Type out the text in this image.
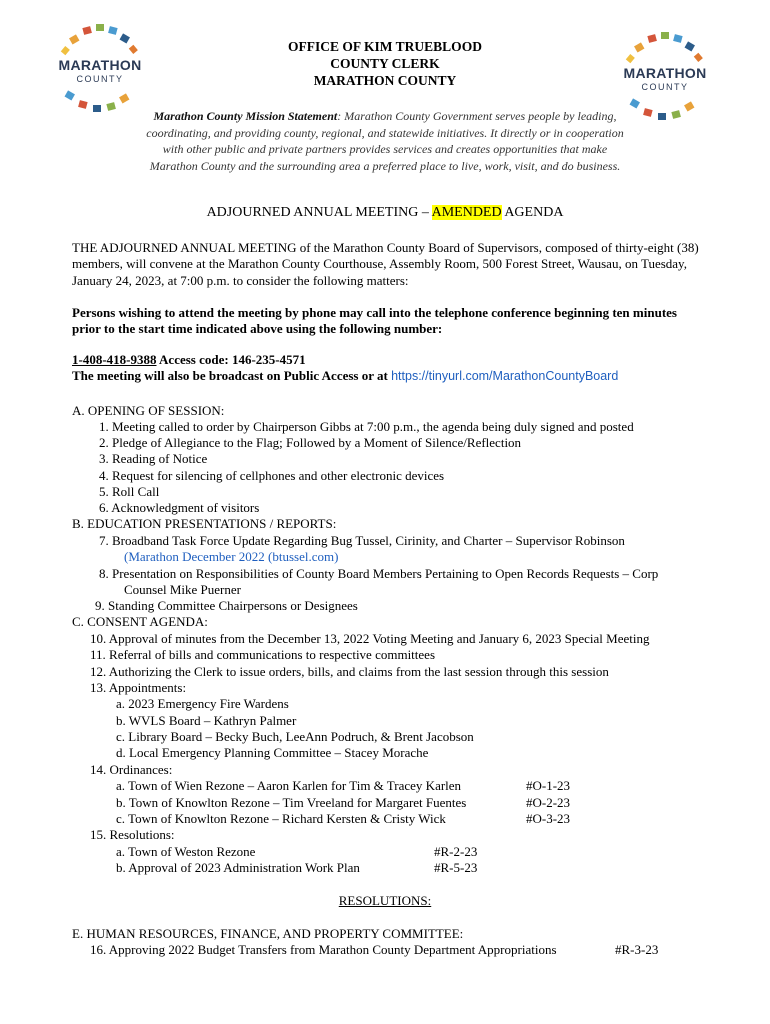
MARATHON
COUNTY	MARATHON
COUNTY
OFFICE OF KIM TRUEBLOOD
COUNTY CLERK
MARATHON COUNTY
Marathon County Mission Statement: Marathon County Government serves people by leading, coordinating, and providing county, regional, and statewide initiatives. It directly or in cooperation with other public and private partners provides services and creates opportunities that make Marathon County and the surrounding area a preferred place to live, work, visit, and do business.
ADJOURNED ANNUAL MEETING – AMENDED AGENDA
THE ADJOURNED ANNUAL MEETING of the Marathon County Board of Supervisors, composed of thirty-eight (38) members, will convene at the Marathon County Courthouse, Assembly Room, 500 Forest Street, Wausau, on Tuesday, January 24, 2023, at 7:00 p.m. to consider the following matters:
Persons wishing to attend the meeting by phone may call into the telephone conference beginning ten minutes prior to the start time indicated above using the following number:
1-408-418-9388 Access code: 146-235-4571
The meeting will also be broadcast on Public Access or at https://tinyurl.com/MarathonCountyBoard
A. OPENING OF SESSION:
1. Meeting called to order by Chairperson Gibbs at 7:00 p.m., the agenda being duly signed and posted
2. Pledge of Allegiance to the Flag; Followed by a Moment of Silence/Reflection
3. Reading of Notice
4. Request for silencing of cellphones and other electronic devices
5. Roll Call
6. Acknowledgment of visitors
B. EDUCATION PRESENTATIONS / REPORTS:
7. Broadband Task Force Update Regarding Bug Tussel, Cirinity, and Charter – Supervisor Robinson
(Marathon December 2022 (btussel.com)
8. Presentation on Responsibilities of County Board Members Pertaining to Open Records Requests – Corp
Counsel Mike Puerner
9. Standing Committee Chairpersons or Designees
C. CONSENT AGENDA:
10. Approval of minutes from the December 13, 2022 Voting Meeting and January 6, 2023 Special Meeting
11. Referral of bills and communications to respective committees
12. Authorizing the Clerk to issue orders, bills, and claims from the last session through this session
13. Appointments:
a. 2023 Emergency Fire Wardens
b. WVLS Board – Kathryn Palmer
c. Library Board – Becky Buch, LeeAnn Podruch, & Brent Jacobson
d. Local Emergency Planning Committee – Stacey Morache
14. Ordinances:
a. Town of Wien Rezone – Aaron Karlen for Tim & Tracey Karlen	#O-1-23
b. Town of Knowlton Rezone – Tim Vreeland for Margaret Fuentes	#O-2-23
c. Town of Knowlton Rezone – Richard Kersten & Cristy Wick	#O-3-23
15. Resolutions:
a. Town of Weston Rezone	#R-2-23
b. Approval of 2023 Administration Work Plan	#R-5-23
RESOLUTIONS:
E. HUMAN RESOURCES, FINANCE, AND PROPERTY COMMITTEE:
16. Approving 2022 Budget Transfers from Marathon County Department Appropriations	#R-3-23
